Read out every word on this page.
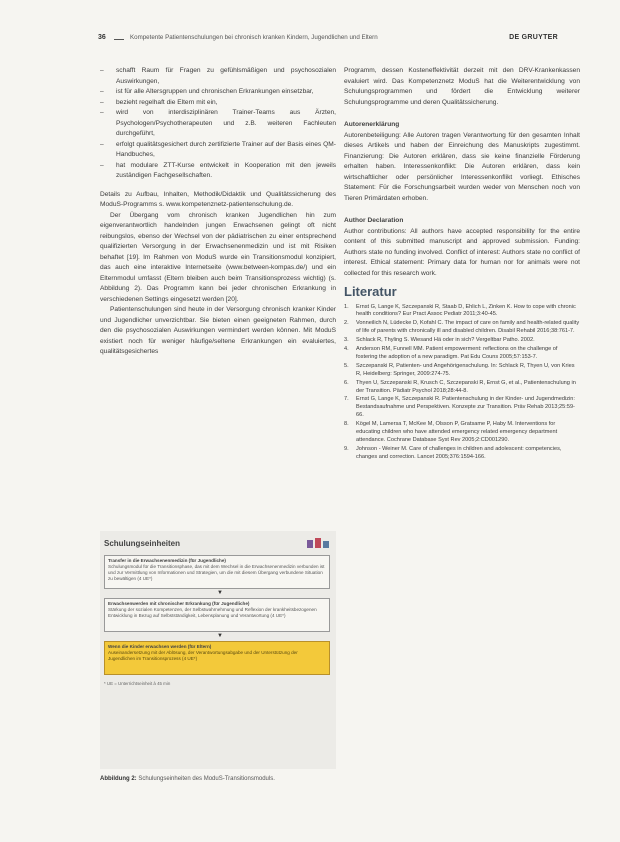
36	Kompetente Patientenschulungen bei chronisch kranken Kindern, Jugendlichen und Eltern	DE GRUYTER
– schafft Raum für Fragen zu gefühlsmäßigen und psychosozialen Auswirkungen,
– ist für alle Altersgruppen und chronischen Erkrankungen einsetzbar,
– bezieht regelhaft die Eltern mit ein,
– wird von interdisziplinären Trainer-Teams aus Ärzten, Psychologen/Psychotherapeuten und z.B. weiteren Fachleuten durchgeführt,
– erfolgt qualitätsgesichert durch zertifizierte Trainer auf der Basis eines QM-Handbuches,
– hat modulare ZTT-Kurse entwickelt in Kooperation mit den jeweils zuständigen Fachgesellschaften.

Details zu Aufbau, Inhalten, Methodik/Didaktik und Qualitätssicherung des ModuS-Programms s. www.kompetenznetz-patientenschulung.de.

Der Übergang vom chronisch kranken Jugendlichen hin zum eigenverantwortlich handelnden jungen Erwachsenen gelingt oft nicht reibungslos, ebenso der Wechsel von der pädiatrischen zu einer entsprechend qualifizierten Versorgung in der Erwachsenenmedizin und ist mit Risiken behaftet [19]. Im Rahmen von ModuS wurde ein Transitionsmodul konzipiert, das auch eine interaktive Internetseite (www.between-kompas.de/) und ein Elternmodul umfasst (Eltern bleiben auch beim Transitionsprozess wichtig) (s. Abbildung 2). Das Programm kann bei jeder chronischen Erkrankung in verschiedenen Settings eingesetzt werden [20].

Patientenschulungen sind heute in der Versorgung chronisch kranker Kinder und Jugendlicher unverzichtbar. Sie bieten einen geeigneten Rahmen, durch den die psychosozialen Auswirkungen vermindert werden können. Mit ModuS existiert noch für weniger häufige/seltene Erkrankungen ein evaluiertes, qualitätsgesichertes

Schulungseinheiten
Transfer in die Erwachsenenmedizin (für Jugendliche)
Schulungsmodul für die Transitionsphase, das mit dem Wechsel in die Erwachsenenmedizin verbunden ist und zur Vermittlung von Informationen und Strategien, um die mit diesem Übergang verbundene Situation zu bewältigen (4 UE*)
▼
Erwachsenwerden mit chronischer Erkrankung (für Jugendliche)
Stärkung der sozialen Kompetenzen, der Selbstwahrnehmung und Reflexion der krankheitsbezogenen Entwicklung in Bezug auf Selbstständigkeit, Lebensplanung und Verantwortung (4 UE*)
▼
Wenn die Kinder erwachsen werden (für Eltern)
Auseinandersetzung mit der Ablösung, der Verantwortungsabgabe und der Unterstützung der Jugendlichen im Transitionsprozess (4 UE*)
* UE = Unterrichtseinheit à 45 min
Abbildung 2: Schulungseinheiten des ModuS-Transitionsmoduls.

Programm, dessen Kosteneffektivität derzeit mit den DRV-Krankenkassen evaluiert wird. Das Kompetenznetz ModuS hat die Weiterentwicklung von Schulungsprogrammen und fördert die Entwicklung weiterer Schulungsprogramme und deren Qualitätssicherung.

Autorenerklärung

Autorenbeteiligung: Alle Autoren tragen Verantwortung für den gesamten Inhalt dieses Artikels und haben der Einreichung des Manuskripts zugestimmt. Finanzierung: Die Autoren erklären, dass sie keine finanzielle Förderung erhalten haben. Interessenkonflikt: Die Autoren erklären, dass kein wirtschaftlicher oder persönlicher Interessenkonflikt vorliegt. Ethisches Statement: Für die Forschungsarbeit wurden weder von Menschen noch von Tieren Primärdaten erhoben.

Author Declaration

Author contributions: All authors have accepted responsibility for the entire content of this submitted manuscript and approved submission. Funding: Authors state no funding involved. Conflict of interest: Authors state no conflict of interest. Ethical statement: Primary data for human nor for animals were not collected for this research work.

Literatur
1. Ernst G, Lange K, Szczepanski R, Staab D, Ehlich L, Zinken K. How to cope with chronic health conditions? Eur Pract Assoc Pediatr 2011;3:40-45.
2. Vonneilich N, Lüdecke D, Kofahl C. The impact of care on family and health-related quality of life of parents with chronically ill and disabled children. Disabil Rehabil 2016;38:761-7.
3. Schlack R, Thyling S. Wiesand Hä oder in sich? Vergeltbar Patho. 2002.
4. Anderson RM, Funnell MM. Patient empowerment: reflections on the challenge of fostering the adoption of a new paradigm. Pat Edu Couns 2005;57:153-7.
5. Szczepanski R, Patienten- und Angehörigenschulung. In: Schlack R, Thyen U, von Kries R, Heidelberg: Springer, 2009:274-75.
6. Thyen U, Szczepanski R, Krusch C, Szczepanski R, Ernst G, et al., Patientenschulung in der Transition. Pädiatr Psychol 2018;28:44-8.
7. Ernst G, Lange K, Szczepanski R. Patientenschulung in der Kinder- und Jugendmedizin: Bestandsaufnahme und Perspektiven. Konzepte zur Transition. Präv Rehab 2013;25:59-66.
8. Kögel M, Lamersa T, McKee M, Olsson P, Gratsame P, Haby M. Interventions for educating children who have attended emergency related emergency department attendance. Cochrane Database Syst Rev 2005;2:CD001290.
9. Johnson - Weiner M. Care of challenges in children and adolescent: competencies, changes and correction. Lancet 2005;376:1594-166.
